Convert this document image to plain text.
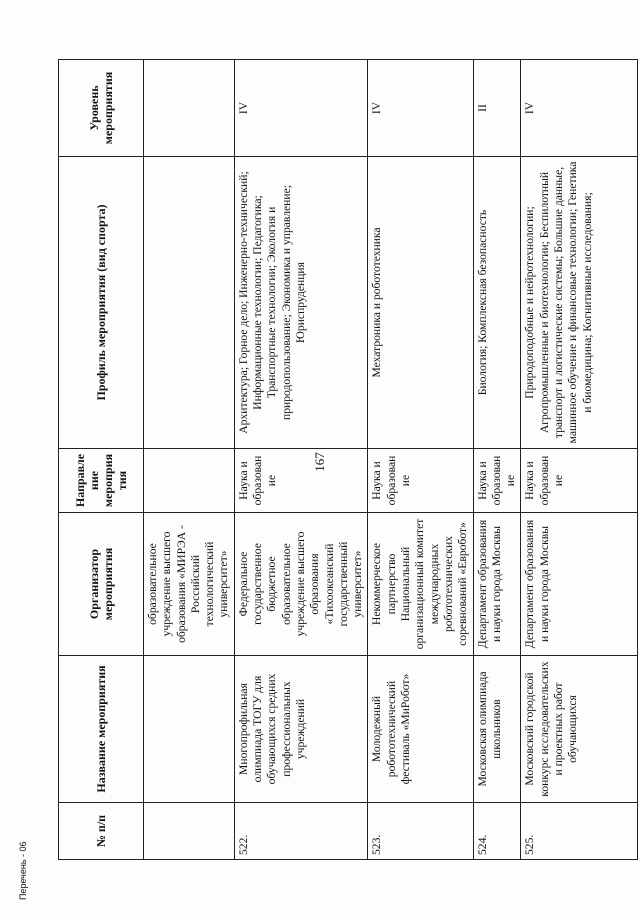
167
№ п/п	Название мероприятия	Организатор мероприятия	Направление мероприятия	Профиль мероприятия (вид спорта)	Уровень мероприятия
		образовательное учреждение высшего образования «МИРЭА - Российский технологический университет»			
522.	Многопрофильная олимпиада ТОГУ для обучающихся средних профессиональных учреждений	Федеральное государственное бюджетное образовательное учреждение высшего образования «Тихоокеанский государственный университет»	Наука и образование	Архитектура; Горное дело; Инженерно-технический; Информационные технологии; Педагогика; Транспортные технологии; Экология и природопользование; Экономика и управление; Юриспруденция	IV
523.	Молодежный робототехнический фестиваль «МиРобот»	Некоммерческое партнерство Национальный организационный комитет международных робототехнических соревнований «Евробот»	Наука и образование	Мехатроника и робототехника	IV
524.	Московская олимпиада школьников	Департамент образования и науки города Москвы	Наука и образование	Биология; Комплексная безопасность	II
525.	Московский городской конкурс исследовательских и проектных работ обучающихся	Департамент образования и науки города Москвы	Наука и образование	Природоподобные и нейротехнологии; Агропромышленные и биотехнологии; Беспилотный транспорт и логистические системы; Большие данные, машинное обучение и финансовые технологии; Генетика и биомедицина; Когнитивные исследования;	IV
Перечень - 06
